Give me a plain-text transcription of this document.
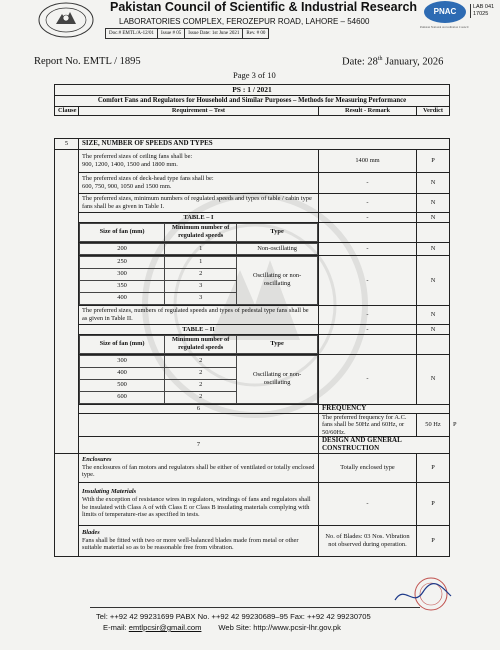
Pakistan Council of Scientific & Industrial Research
LABORATORIES COMPLEX, FEROZEPUR ROAD, LAHORE – 54600
Doc.# EMTL/A-12/01	Issue # 05	Issue Date: 1st June 2021	Rev. # 00
PNAC
Pakistan National Accreditation Council
LAB 041
17025
Report No. EMTL / 1895	Date: 28th January, 2026
Page 3 of 10
PS : 1 / 2021
Comfort Fans and Regulators for Household and Similar Purposes – Methods for Measuring Performance
Clause	Requirement – Test	Result - Remark	Verdict
5	SIZE, NUMBER OF SPEEDS AND TYPES

The preferred sizes of ceiling fans shall be:
900, 1200, 1400, 1500 and 1800 mm.
	1400 mm	P

The preferred sizes of deck-head type fans shall be:
600, 750, 900, 1050 and 1500 mm.
	-	N
The preferred sizes, minimum numbers of regulated speeds and types of table / cabin type fans shall be as given in Table I.	-	N
TABLE – I	-	N

Size of fan (mm)	Minimum number of regulated speeds	Type

200	1	Non-oscillating
		-	N

250	1	Oscillating or non-oscillating
300	2
350	3
400	3
	-	N
The preferred sizes, numbers of regulated speeds and types of pedestal type fans shall be as given in Table II.	-	N
TABLE – II	-	N

Size of fan (mm)	Minimum number of regulated speeds	Type

300	2	Oscillating or non-oscillating
400	2
500	2
600	2
	-	N
6	FREQUENCY
	The preferred frequency for A.C. fans shall be 50Hz and 60Hz, or 50/60Hz.	50 Hz	P
7	DESIGN AND GENERAL CONSTRUCTION

Enclosures
The enclosures of fan motors and regulators shall be either of ventilated or totally enclosed type.
	Totally enclosed type	P

Insulating Materials
With the exception of resistance wires in regulators, windings of fans and regulators shall be insulated with Class A of with Class E or Class B insulating materials complying with limits of temperature-rise as specified in tests.
	-	P

Blades
Fans shall be fitted with two or more well-balanced blades made from metal or other suitable material so as to be reasonable free from vibration.
	No. of Blades: 03 Nos. Vibration not observed during operation.	P
Tel: ++92 42 99231699 PABX No. ++92 42 99230689–95 Fax: ++92 42 99230705
E-mail: emtlpcsir@gmail.com        Web Site: http://www.pcsir-lhr.gov.pk
